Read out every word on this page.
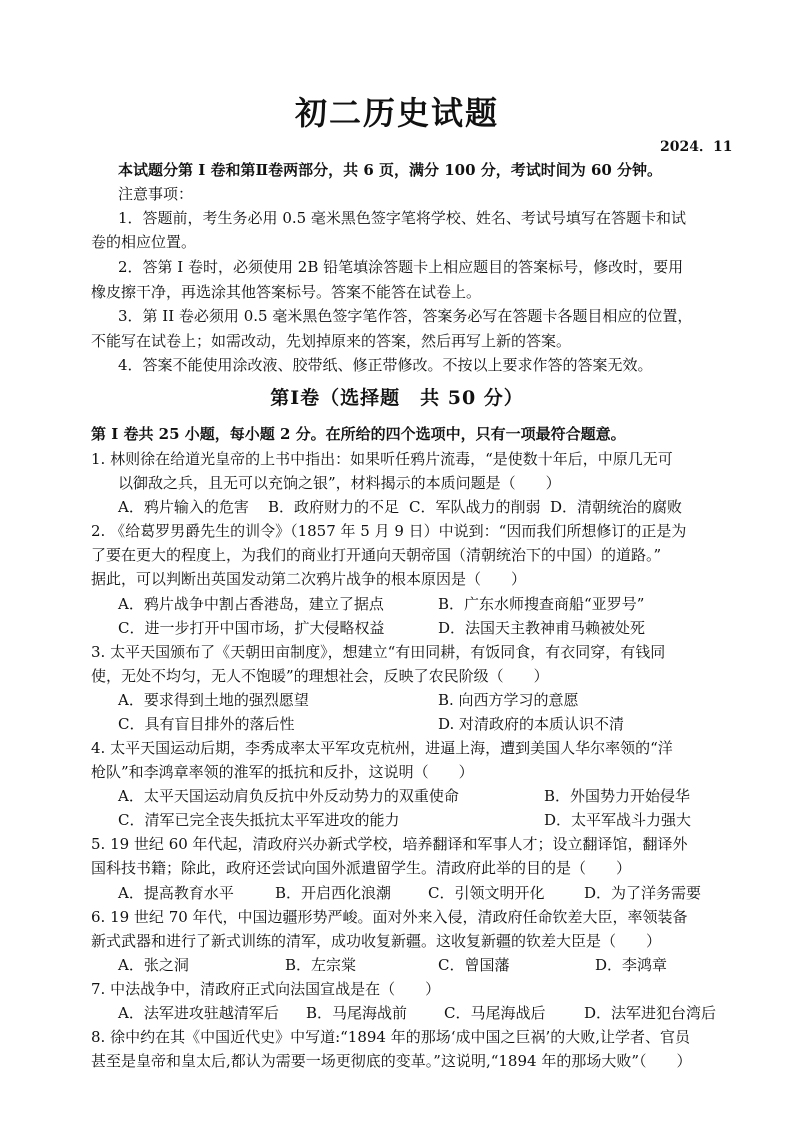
初二历史试题
2024．11
本试题分第 I 卷和第Ⅱ卷两部分，共 6 页，满分 100 分，考试时间为 60 分钟。
注意事项：
1．答题前，考生务必用 0.5 毫米黑色签字笔将学校、姓名、考试号填写在答题卡和试
卷的相应位置。
2．答第 I 卷时，必须使用 2B 铅笔填涂答题卡上相应题目的答案标号，修改时，要用
橡皮擦干净，再选涂其他答案标号。答案不能答在试卷上。
3．第 II 卷必须用 0.5 毫米黑色签字笔作答，答案务必写在答题卡各题目相应的位置，
不能写在试卷上；如需改动，先划掉原来的答案，然后再写上新的答案。
4．答案不能使用涂改液、胶带纸、修正带修改。不按以上要求作答的答案无效。
第Ⅰ卷（选择题　共 50 分）
第 I 卷共 25 小题，每小题 2 分。在所给的四个选项中，只有一项最符合题意。
1. 林则徐在给道光皇帝的上书中指出：如果听任鸦片流毒，“是使数十年后，中原几无可
以御敌之兵，且无可以充饷之银”，材料揭示的本质问题是（　　）
A．鸦片输入的危害 B．政府财力的不足 C．军队战力的削弱 D．清朝统治的腐败
2. 《给葛罗男爵先生的训令》（1857 年 5 月 9 日）中说到：“因而我们所想修订的正是为
了要在更大的程度上，为我们的商业打开通向天朝帝国（清朝统治下的中国）的道路。”
据此，可以判断出英国发动第二次鸦片战争的根本原因是（　　）
A．鸦片战争中割占香港岛，建立了据点	B．广东水师搜查商船“亚罗号”
C．进一步打开中国市场，扩大侵略权益	D．法国天主教神甫马赖被处死
3. 太平天国颁布了《天朝田亩制度》，想建立“有田同耕，有饭同食，有衣同穿，有钱同
使，无处不均匀，无人不饱暖”的理想社会，反映了农民阶级（　　）
A．要求得到土地的强烈愿望	B. 向西方学习的意愿
C．具有盲目排外的落后性	D. 对清政府的本质认识不清
4. 太平天国运动后期，李秀成率太平军攻克杭州，进逼上海，遭到美国人华尔率领的“洋
枪队”和李鸿章率领的淮军的抵抗和反扑，这说明（　　）
A．太平天国运动肩负反抗中外反动势力的双重使命	B．外国势力开始侵华
C．清军已完全丧失抵抗太平军进攻的能力	D．太平军战斗力强大
5. 19 世纪 60 年代起，清政府兴办新式学校，培养翻译和军事人才；设立翻译馆，翻译外
国科技书籍；除此，政府还尝试向国外派遣留学生。清政府此举的目的是（　　）
A．提高教育水平	B．开启西化浪潮 C．引领文明开化	D．为了洋务需要
6. 19 世纪 70 年代，中国边疆形势严峻。面对外来入侵，清政府任命钦差大臣，率领装备
新式武器和进行了新式训练的清军，成功收复新疆。这收复新疆的钦差大臣是（　　）
A．张之洞	B．左宗棠	C．曾国藩	D．李鸿章
7. 中法战争中，清政府正式向法国宣战是在（　　）
A．法军进攻驻越清军后 B．马尾海战前 C．马尾海战后	D．法军进犯台湾后
8. 徐中约在其《中国近代史》中写道:“1894 年的那场‘成中国之巨祸’的大败,让学者、官员
甚至是皇帝和皇太后,都认为需要一场更彻底的变革。”这说明,“1894 年的那场大败”（　　）
